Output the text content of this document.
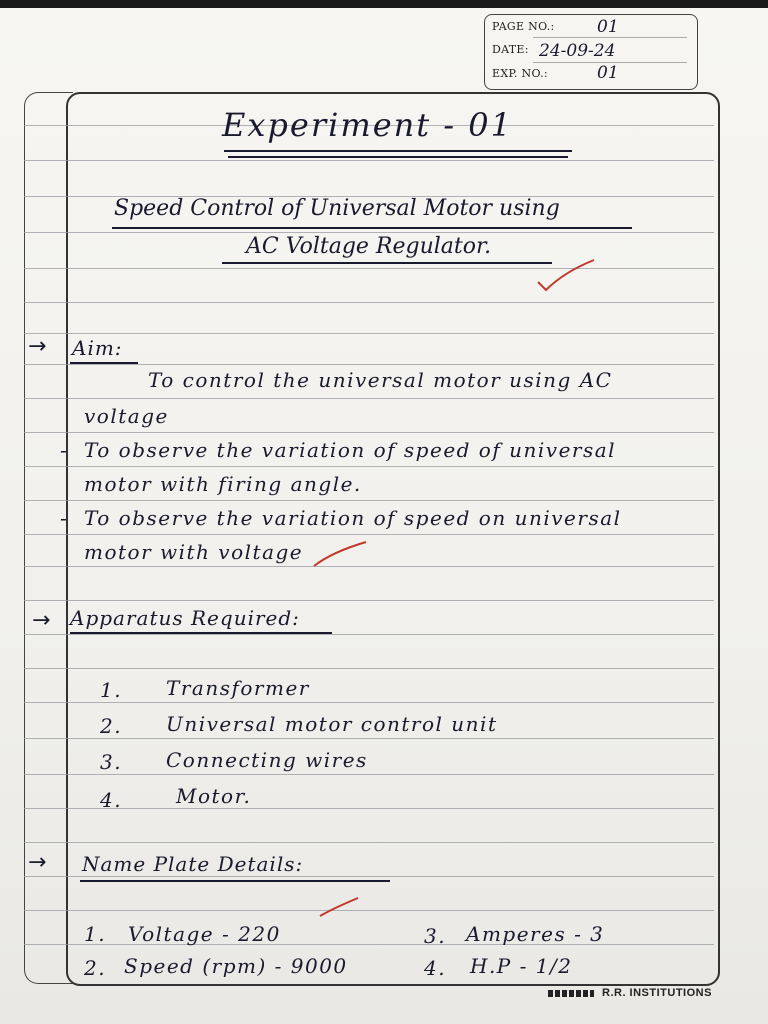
PAGE NO.: 01
DATE: 24-09-24
EXP. NO.:	01
Experiment - 01
Speed Control of Universal Motor using
AC Voltage Regulator.
→ Aim:
To control the universal motor using AC
voltage
- To observe the variation of speed of universal
motor with firing angle.
- To observe the variation of speed on universal
motor with voltage
→ Apparatus Required:
1. Transformer
2. Universal motor control unit
3. Connecting wires
4.	Motor.
→ Name Plate Details:
1. Voltage - 220
2. Speed (rpm) - 9000
3. Amperes - 3
4. H.P - 1/2
R.R. INSTITUTIONS
